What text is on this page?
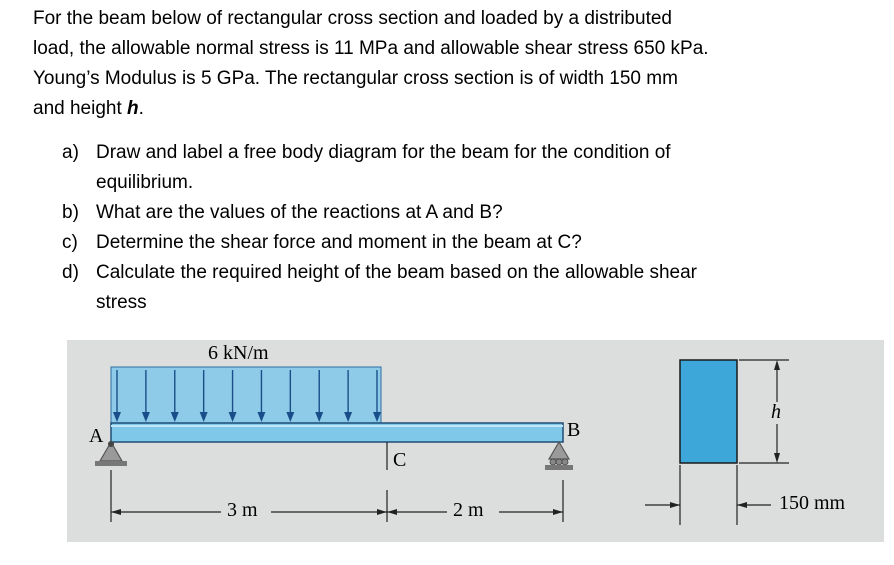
For the beam below of rectangular cross section and loaded by a distributed
load, the allowable normal stress is 11 MPa and allowable shear stress 650 kPa.
Young’s Modulus is 5 GPa. The rectangular cross section is of width 150 mm
and height h.
a) Draw and label a free body diagram for the beam for the condition of
equilibrium.
b) What are the values of the reactions at A and B?
c) Determine the shear force and moment in the beam at C?
d) Calculate the required height of the beam based on the allowable shear
stress
6 kN/m
A	B
C
3 m	2 m
h
150 mm
